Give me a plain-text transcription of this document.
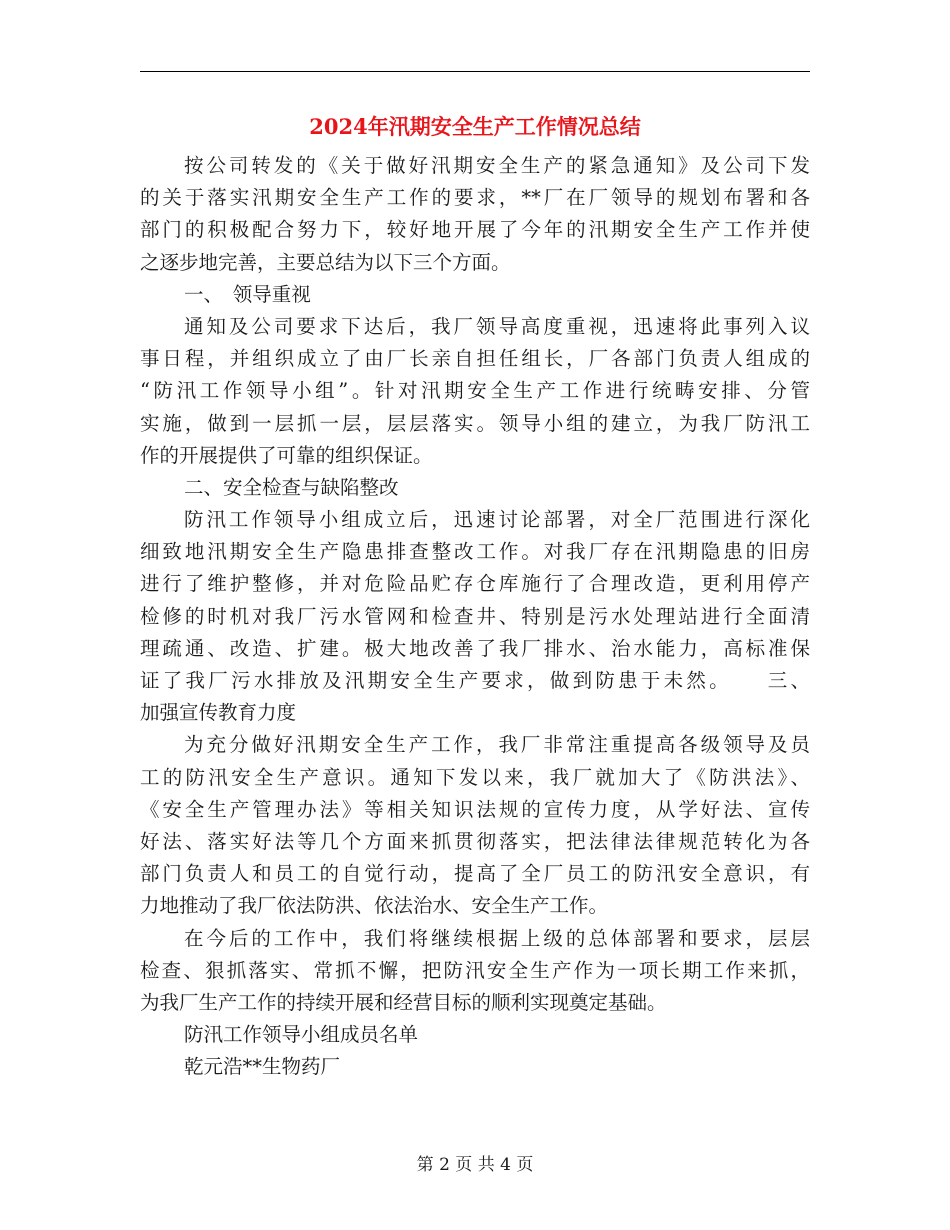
2024年汛期安全生产工作情况总结
按公司转发的《关于做好汛期安全生产的紧急通知》及公司下发
的关于落实汛期安全生产工作的要求，**厂在厂领导的规划布署和各
部门的积极配合努力下，较好地开展了今年的汛期安全生产工作并使
之逐步地完善，主要总结为以下三个方面。
一、　领导重视
通知及公司要求下达后，我厂领导高度重视，迅速将此事列入议
事日程，并组织成立了由厂长亲自担任组长，厂各部门负责人组成的
“防汛工作领导小组”。针对汛期安全生产工作进行统畴安排、分管
实施，做到一层抓一层，层层落实。领导小组的建立，为我厂防汛工
作的开展提供了可靠的组织保证。
二、安全检查与缺陷整改
防汛工作领导小组成立后，迅速讨论部署，对全厂范围进行深化
细致地汛期安全生产隐患排查整改工作。对我厂存在汛期隐患的旧房
进行了维护整修，并对危险品贮存仓库施行了合理改造，更利用停产
检修的时机对我厂污水管网和检查井、特别是污水处理站进行全面清
理疏通、改造、扩建。极大地改善了我厂排水、治水能力，高标准保
证了我厂污水排放及汛期安全生产要求，做到防患于未然。　　三、
加强宣传教育力度
为充分做好汛期安全生产工作，我厂非常注重提高各级领导及员
工的防汛安全生产意识。通知下发以来，我厂就加大了《防洪法》、
《安全生产管理办法》等相关知识法规的宣传力度，从学好法、宣传
好法、落实好法等几个方面来抓贯彻落实，把法律法律规范转化为各
部门负责人和员工的自觉行动，提高了全厂员工的防汛安全意识，有
力地推动了我厂依法防洪、依法治水、安全生产工作。
在今后的工作中，我们将继续根据上级的总体部署和要求，层层
检查、狠抓落实、常抓不懈，把防汛安全生产作为一项长期工作来抓，
为我厂生产工作的持续开展和经营目标的顺利实现奠定基础。
防汛工作领导小组成员名单
乾元浩**生物药厂
第 2 页 共 4 页
